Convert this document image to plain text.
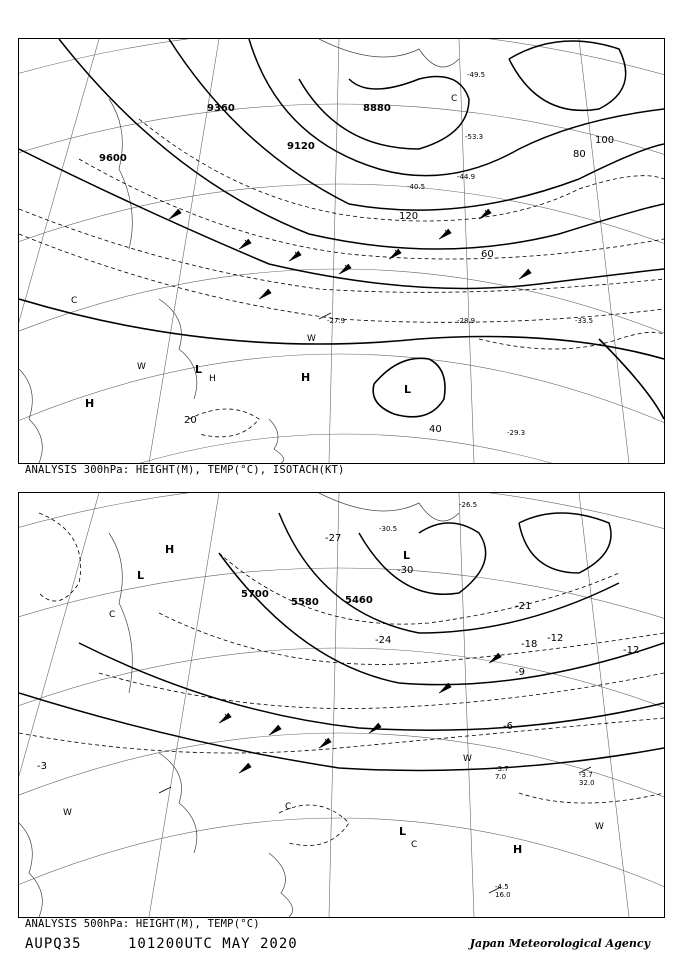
9600
9360
9120
8880
20
40
60
80
100
120
H
H
L
L
-28.9
-29.3
-33.5
-40.5
-44.9
-49.5
-53.3
-27.9
W
W
C
C
H
ANALYSIS 300hPa: HEIGHT(M), TEMP(°C), ISOTACH(KT)
5700
5580	5460
-3
-6
-9
-12
-12
-18
-21
-24
-27
-30
H
H
L
L
L
W
W
W
C
C
C
-3.7
7.0	-3.7
32.0
-4.5
16.0
-26.5
-30.5
ANALYSIS 500hPa: HEIGHT(M), TEMP(°C)
AUPQ35	101200UTC MAY 2020	Japan Meteorological Agency
